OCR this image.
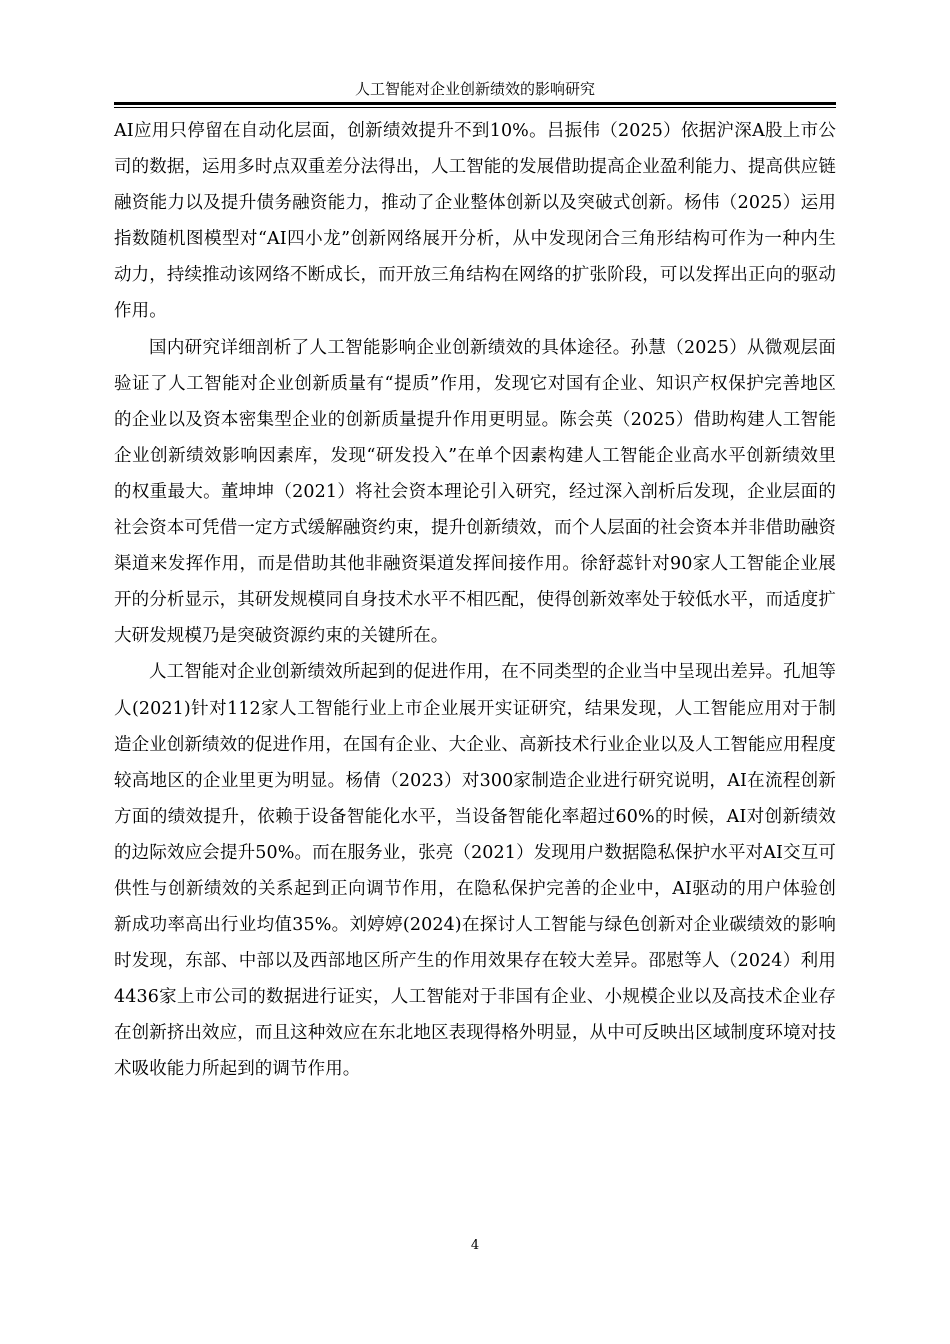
人工智能对企业创新绩效的影响研究

AI应用只停留在自动化层面，创新绩效提升不到10%。吕振伟（2025）依据沪深A股上市公司的数据，运用多时点双重差分法得出，人工智能的发展借助提高企业盈利能力、提高供应链融资能力以及提升债务融资能力，推动了企业整体创新以及突破式创新。杨伟（2025）运用指数随机图模型对“AI四小龙”创新网络展开分析，从中发现闭合三角形结构可作为一种内生动力，持续推动该网络不断成长，而开放三角结构在网络的扩张阶段，可以发挥出正向的驱动作用。

国内研究详细剖析了人工智能影响企业创新绩效的具体途径。孙慧（2025）从微观层面验证了人工智能对企业创新质量有“提质”作用，发现它对国有企业、知识产权保护完善地区的企业以及资本密集型企业的创新质量提升作用更明显。陈会英（2025）借助构建人工智能企业创新绩效影响因素库，发现“研发投入”在单个因素构建人工智能企业高水平创新绩效里的权重最大。董坤坤（2021）将社会资本理论引入研究，经过深入剖析后发现，企业层面的社会资本可凭借一定方式缓解融资约束，提升创新绩效，而个人层面的社会资本并非借助融资渠道来发挥作用，而是借助其他非融资渠道发挥间接作用。徐舒蕊针对90家人工智能企业展开的分析显示，其研发规模同自身技术水平不相匹配，使得创新效率处于较低水平，而适度扩大研发规模乃是突破资源约束的关键所在。

人工智能对企业创新绩效所起到的促进作用，在不同类型的企业当中呈现出差异。孔旭等人(2021)针对112家人工智能行业上市企业展开实证研究，结果发现，人工智能应用对于制造企业创新绩效的促进作用，在国有企业、大企业、高新技术行业企业以及人工智能应用程度较高地区的企业里更为明显。杨倩（2023）对300家制造企业进行研究说明，AI在流程创新方面的绩效提升，依赖于设备智能化水平，当设备智能化率超过60%的时候，AI对创新绩效的边际效应会提升50%。而在服务业，张亮（2021）发现用户数据隐私保护水平对AI交互可供性与创新绩效的关系起到正向调节作用，在隐私保护完善的企业中，AI驱动的用户体验创新成功率高出行业均值35%。刘婷婷(2024)在探讨人工智能与绿色创新对企业碳绩效的影响时发现，东部、中部以及西部地区所产生的作用效果存在较大差异。邵慰等人（2024）利用4436家上市公司的数据进行证实，人工智能对于非国有企业、小规模企业以及高技术企业存在创新挤出效应，而且这种效应在东北地区表现得格外明显，从中可反映出区域制度环境对技术吸收能力所起到的调节作用。

4
